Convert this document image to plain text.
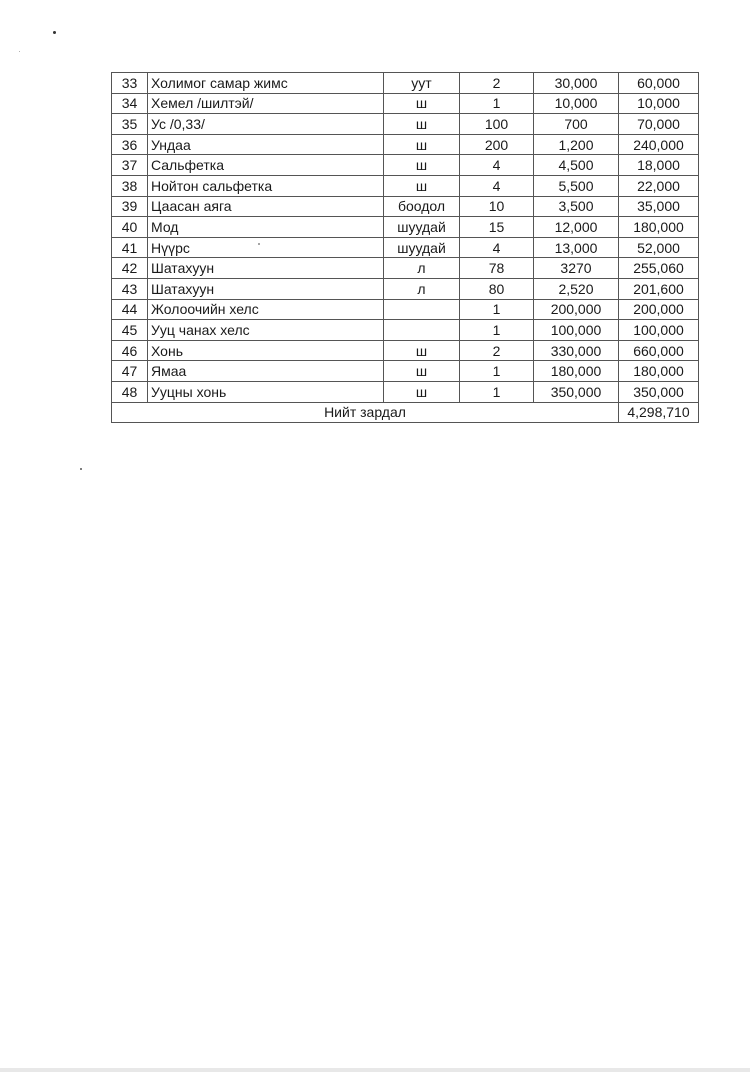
33	Холимог самар жимс	уут	2	30,000	60,000
34	Хемел /шилтэй/	ш	1	10,000	10,000
35	Ус /0,33/	ш	100	700	70,000
36	Ундаа	ш	200	1,200	240,000
37	Сальфетка	ш	4	4,500	18,000
38	Нойтон сальфетка	ш	4	5,500	22,000
39	Цаасан аяга	боодол	10	3,500	35,000
40	Мод	шуудай	15	12,000	180,000
41	Нүүрс	шуудай	4	13,000	52,000
42	Шатахуун	л	78	3270	255,060
43	Шатахуун	л	80	2,520	201,600
44	Жолоочийн хелс		1	200,000	200,000
45	Ууц чанах хелс		1	100,000	100,000
46	Хонь	ш	2	330,000	660,000
47	Ямаа	ш	1	180,000	180,000
48	Ууцны хонь	ш	1	350,000	350,000
Нийт зардал					4,298,710
